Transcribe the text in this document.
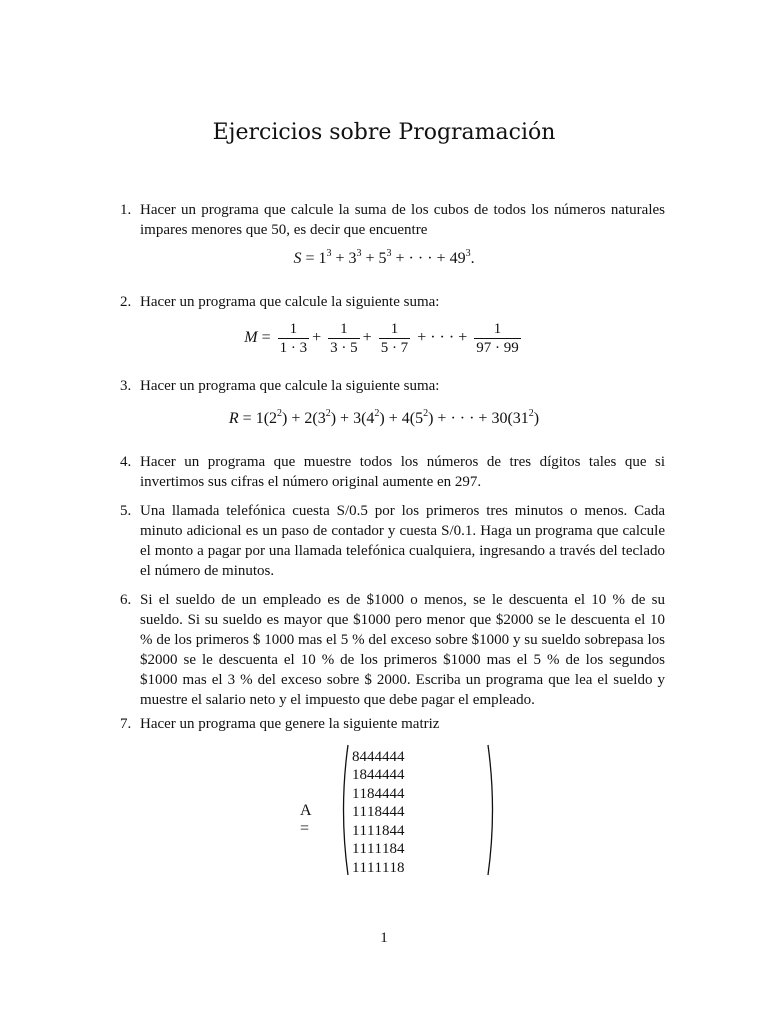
Ejercicios sobre Programación
1. Hacer un programa que calcule la suma de los cubos de todos los números naturales impares menores que 50, es decir que encuentre
$S = 1^3 + 3^3 + 5^3$ + · · · + $49^3$.
2. Hacer un programa que calcule la siguiente suma:
$M = \frac{1}{1 \cdot 3} + \frac{1}{3 \cdot 5} + \frac{1}{5 \cdot 7}$ + · · · + $\frac{1}{97 \cdot 99}$
3. Hacer un programa que calcule la siguiente suma:
$R = 1(2^2) + 2(3^2) + 3(4^2) + 4(5^2)$ + · · · + $30(31^2)$
4. Hacer un programa que muestre todos los números de tres dígitos tales que si invertimos sus cifras el número original aumente en 297.
5. Una llamada telefónica cuesta S/0.5 por los primeros tres minutos o menos. Cada minuto adicional es un paso de contador y cuesta S/0.1. Haga un programa que calcule el monto a pagar por una llamada telefónica cualquiera, ingresando a través del teclado el número de minutos.
6. Si el sueldo de un empleado es de $1000 o menos, se le descuenta el 10 % de su sueldo. Si su sueldo es mayor que $1000 pero menor que $2000 se le descuenta el 10 % de los primeros $ 1000 mas el 5 % del exceso sobre $1000 y su sueldo sobrepasa los $2000 se le descuenta el 10 % de los primeros $1000 mas el 5 % de los segundos $1000 mas el 3 % del exceso sobre $ 2000. Escriba un programa que lea el sueldo y muestre el salario neto y el impuesto que debe pagar el empleado.
7. Hacer un programa que genere la siguiente matriz
A =
8	4	4	4	4	4	4
1	8	4	4	4	4	4
1	1	8	4	4	4	4
1	1	1	8	4	4	4
1	1	1	1	8	4	4
1	1	1	1	1	8	4
1	1	1	1	1	1	8
1
